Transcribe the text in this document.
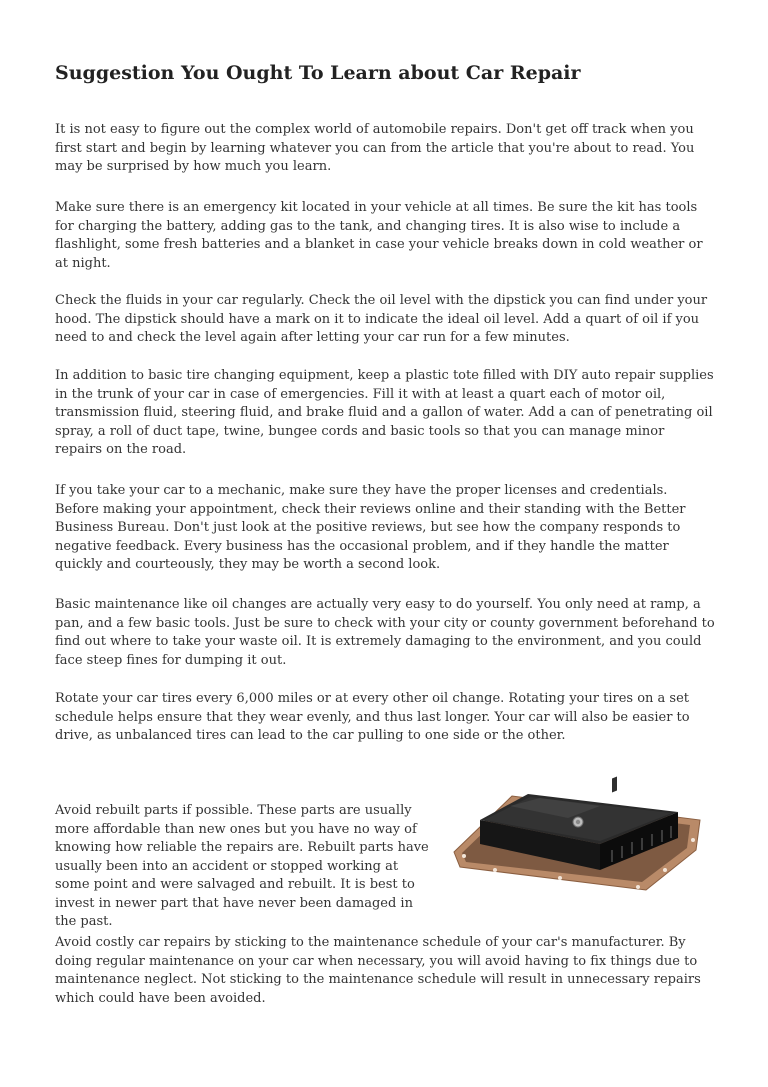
Suggestion You Ought To Learn about Car Repair

It is not easy to figure out the complex world of automobile repairs. Don't get off track when you first start and begin by learning whatever you can from the article that you're about to read. You may be surprised by how much you learn.

Make sure there is an emergency kit located in your vehicle at all times. Be sure the kit has tools for charging the battery, adding gas to the tank, and changing tires. It is also wise to include a flashlight, some fresh batteries and a blanket in case your vehicle breaks down in cold weather or at night.

Check the fluids in your car regularly. Check the oil level with the dipstick you can find under your hood. The dipstick should have a mark on it to indicate the ideal oil level. Add a quart of oil if you need to and check the level again after letting your car run for a few minutes.

In addition to basic tire changing equipment, keep a plastic tote filled with DIY auto repair supplies in the trunk of your car in case of emergencies. Fill it with at least a quart each of motor oil, transmission fluid, steering fluid, and brake fluid and a gallon of water. Add a can of penetrating oil spray, a roll of duct tape, twine, bungee cords and basic tools so that you can manage minor repairs on the road.

If you take your car to a mechanic, make sure they have the proper licenses and credentials. Before making your appointment, check their reviews online and their standing with the Better Business Bureau. Don't just look at the positive reviews, but see how the company responds to negative feedback. Every business has the occasional problem, and if they handle the matter quickly and courteously, they may be worth a second look.

Basic maintenance like oil changes are actually very easy to do yourself. You only need at ramp, a pan, and a few basic tools. Just be sure to check with your city or county government beforehand to find out where to take your waste oil. It is extremely damaging to the environment, and you could face steep fines for dumping it out.

Rotate your car tires every 6,000 miles or at every other oil change. Rotating your tires on a set schedule helps ensure that they wear evenly, and thus last longer. Your car will also be easier to drive, as unbalanced tires can lead to the car pulling to one side or the other.

Avoid rebuilt parts if possible. These parts are usually more affordable than new ones but you have no way of knowing how reliable the repairs are. Rebuilt parts have usually been into an accident or stopped working at some point and were salvaged and rebuilt. It is best to invest in newer part that have never been damaged in the past.

Avoid costly car repairs by sticking to the maintenance schedule of your car's manufacturer. By doing regular maintenance on your car when necessary, you will avoid having to fix things due to maintenance neglect. Not sticking to the maintenance schedule will result in unnecessary repairs which could have been avoided.
